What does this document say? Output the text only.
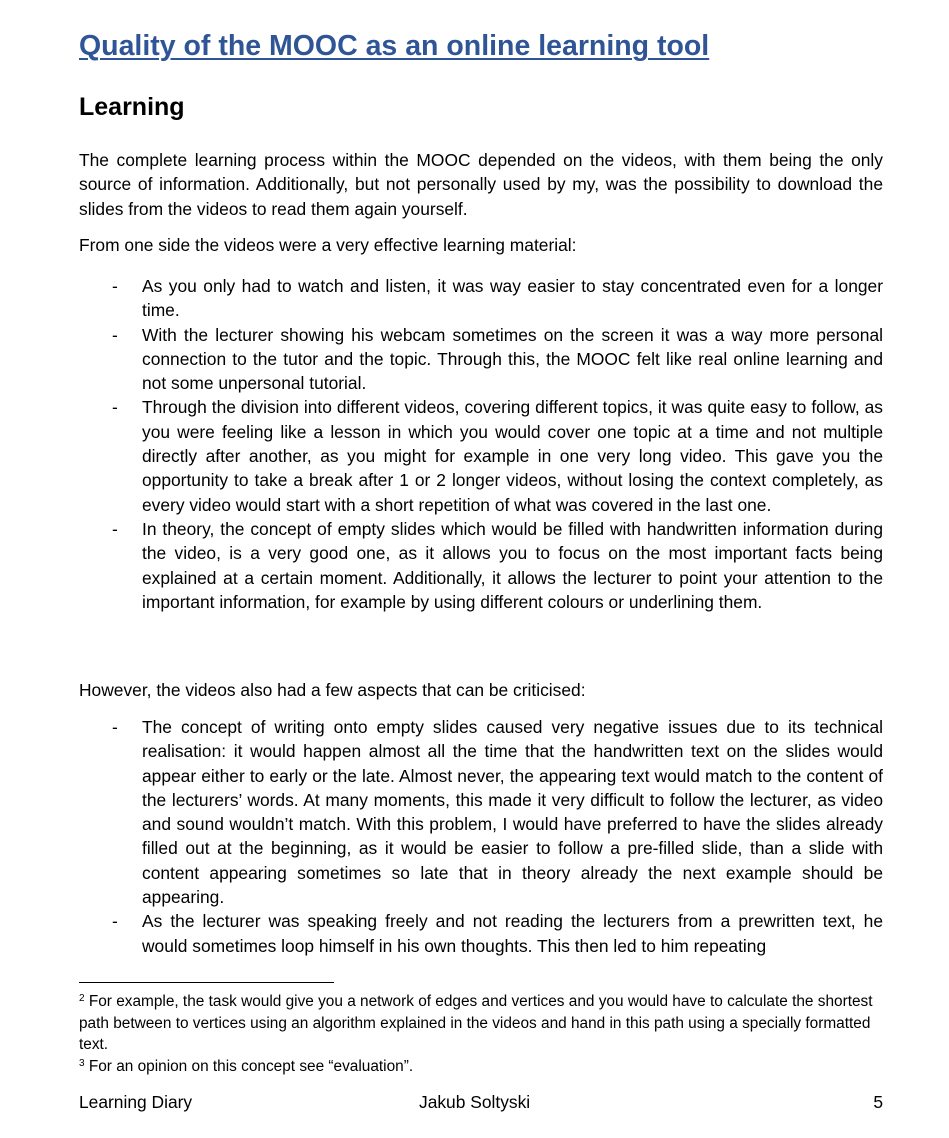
Quality of the MOOC as an online learning tool
Learning

The complete learning process within the MOOC depended on the videos, with them being the only source of information. Additionally, but not personally used by my, was the possibility to download the slides from the videos to read them again yourself.

From one side the videos were a very effective learning material:

- As you only had to watch and listen, it was way easier to stay concentrated even for a longer time.
- With the lecturer showing his webcam sometimes on the screen it was a way more personal connection to the tutor and the topic. Through this, the MOOC felt like real online learning and not some unpersonal tutorial.
- Through the division into different videos, covering different topics, it was quite easy to follow, as you were feeling like a lesson in which you would cover one topic at a time and not multiple directly after another, as you might for example in one very long video. This gave you the opportunity to take a break after 1 or 2 longer videos, without losing the context completely, as every video would start with a short repetition of what was covered in the last one.
- In theory, the concept of empty slides which would be filled with handwritten information during the video, is a very good one, as it allows you to focus on the most important facts being explained at a certain moment. Additionally, it allows the lecturer to point your attention to the important information, for example by using different colours or underlining them.

However, the videos also had a few aspects that can be criticised:

- The concept of writing onto empty slides caused very negative issues due to its technical realisation: it would happen almost all the time that the handwritten text on the slides would appear either to early or the late. Almost never, the appearing text would match to the content of the lecturers’ words. At many moments, this made it very difficult to follow the lecturer, as video and sound wouldn’t match. With this problem, I would have preferred to have the slides already filled out at the beginning, as it would be easier to follow a pre-filled slide, than a slide with content appearing sometimes so late that in theory already the next example should be appearing.
- As the lecturer was speaking freely and not reading the lecturers from a prewritten text, he would sometimes loop himself in his own thoughts. This then led to him repeating

$^2$ For example, the task would give you a network of edges and vertices and you would have to calculate the shortest path between to vertices using an algorithm explained in the videos and hand in this path using a specially formatted text.

$^3$ For an opinion on this concept see “evaluation”.

Learning Diary	Jakub Soltyski	5
